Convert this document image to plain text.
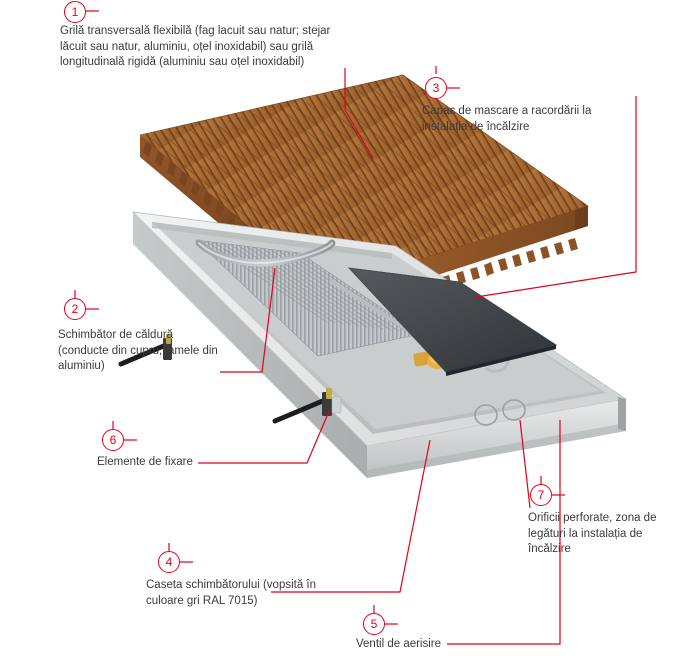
1
2
3
4
5
6
7
Grilă transversală flexibilă (fag lacuit sau natur; stejar lăcuit sau natur, aluminiu, oțel inoxidabil) sau grilă longitudinală rigidă (aluminiu sau oțel inoxidabil)
Schimbător de căldură (conducte din cupru, lamele din aluminiu)
Capac de mascare a racordării la instalația de încălzire
Caseta schimbătorului (vopsită în culoare gri RAL 7015)
Ventil de aerisire
Elemente de fixare
Orificii perforate, zona de legături la instalația de încălzire
